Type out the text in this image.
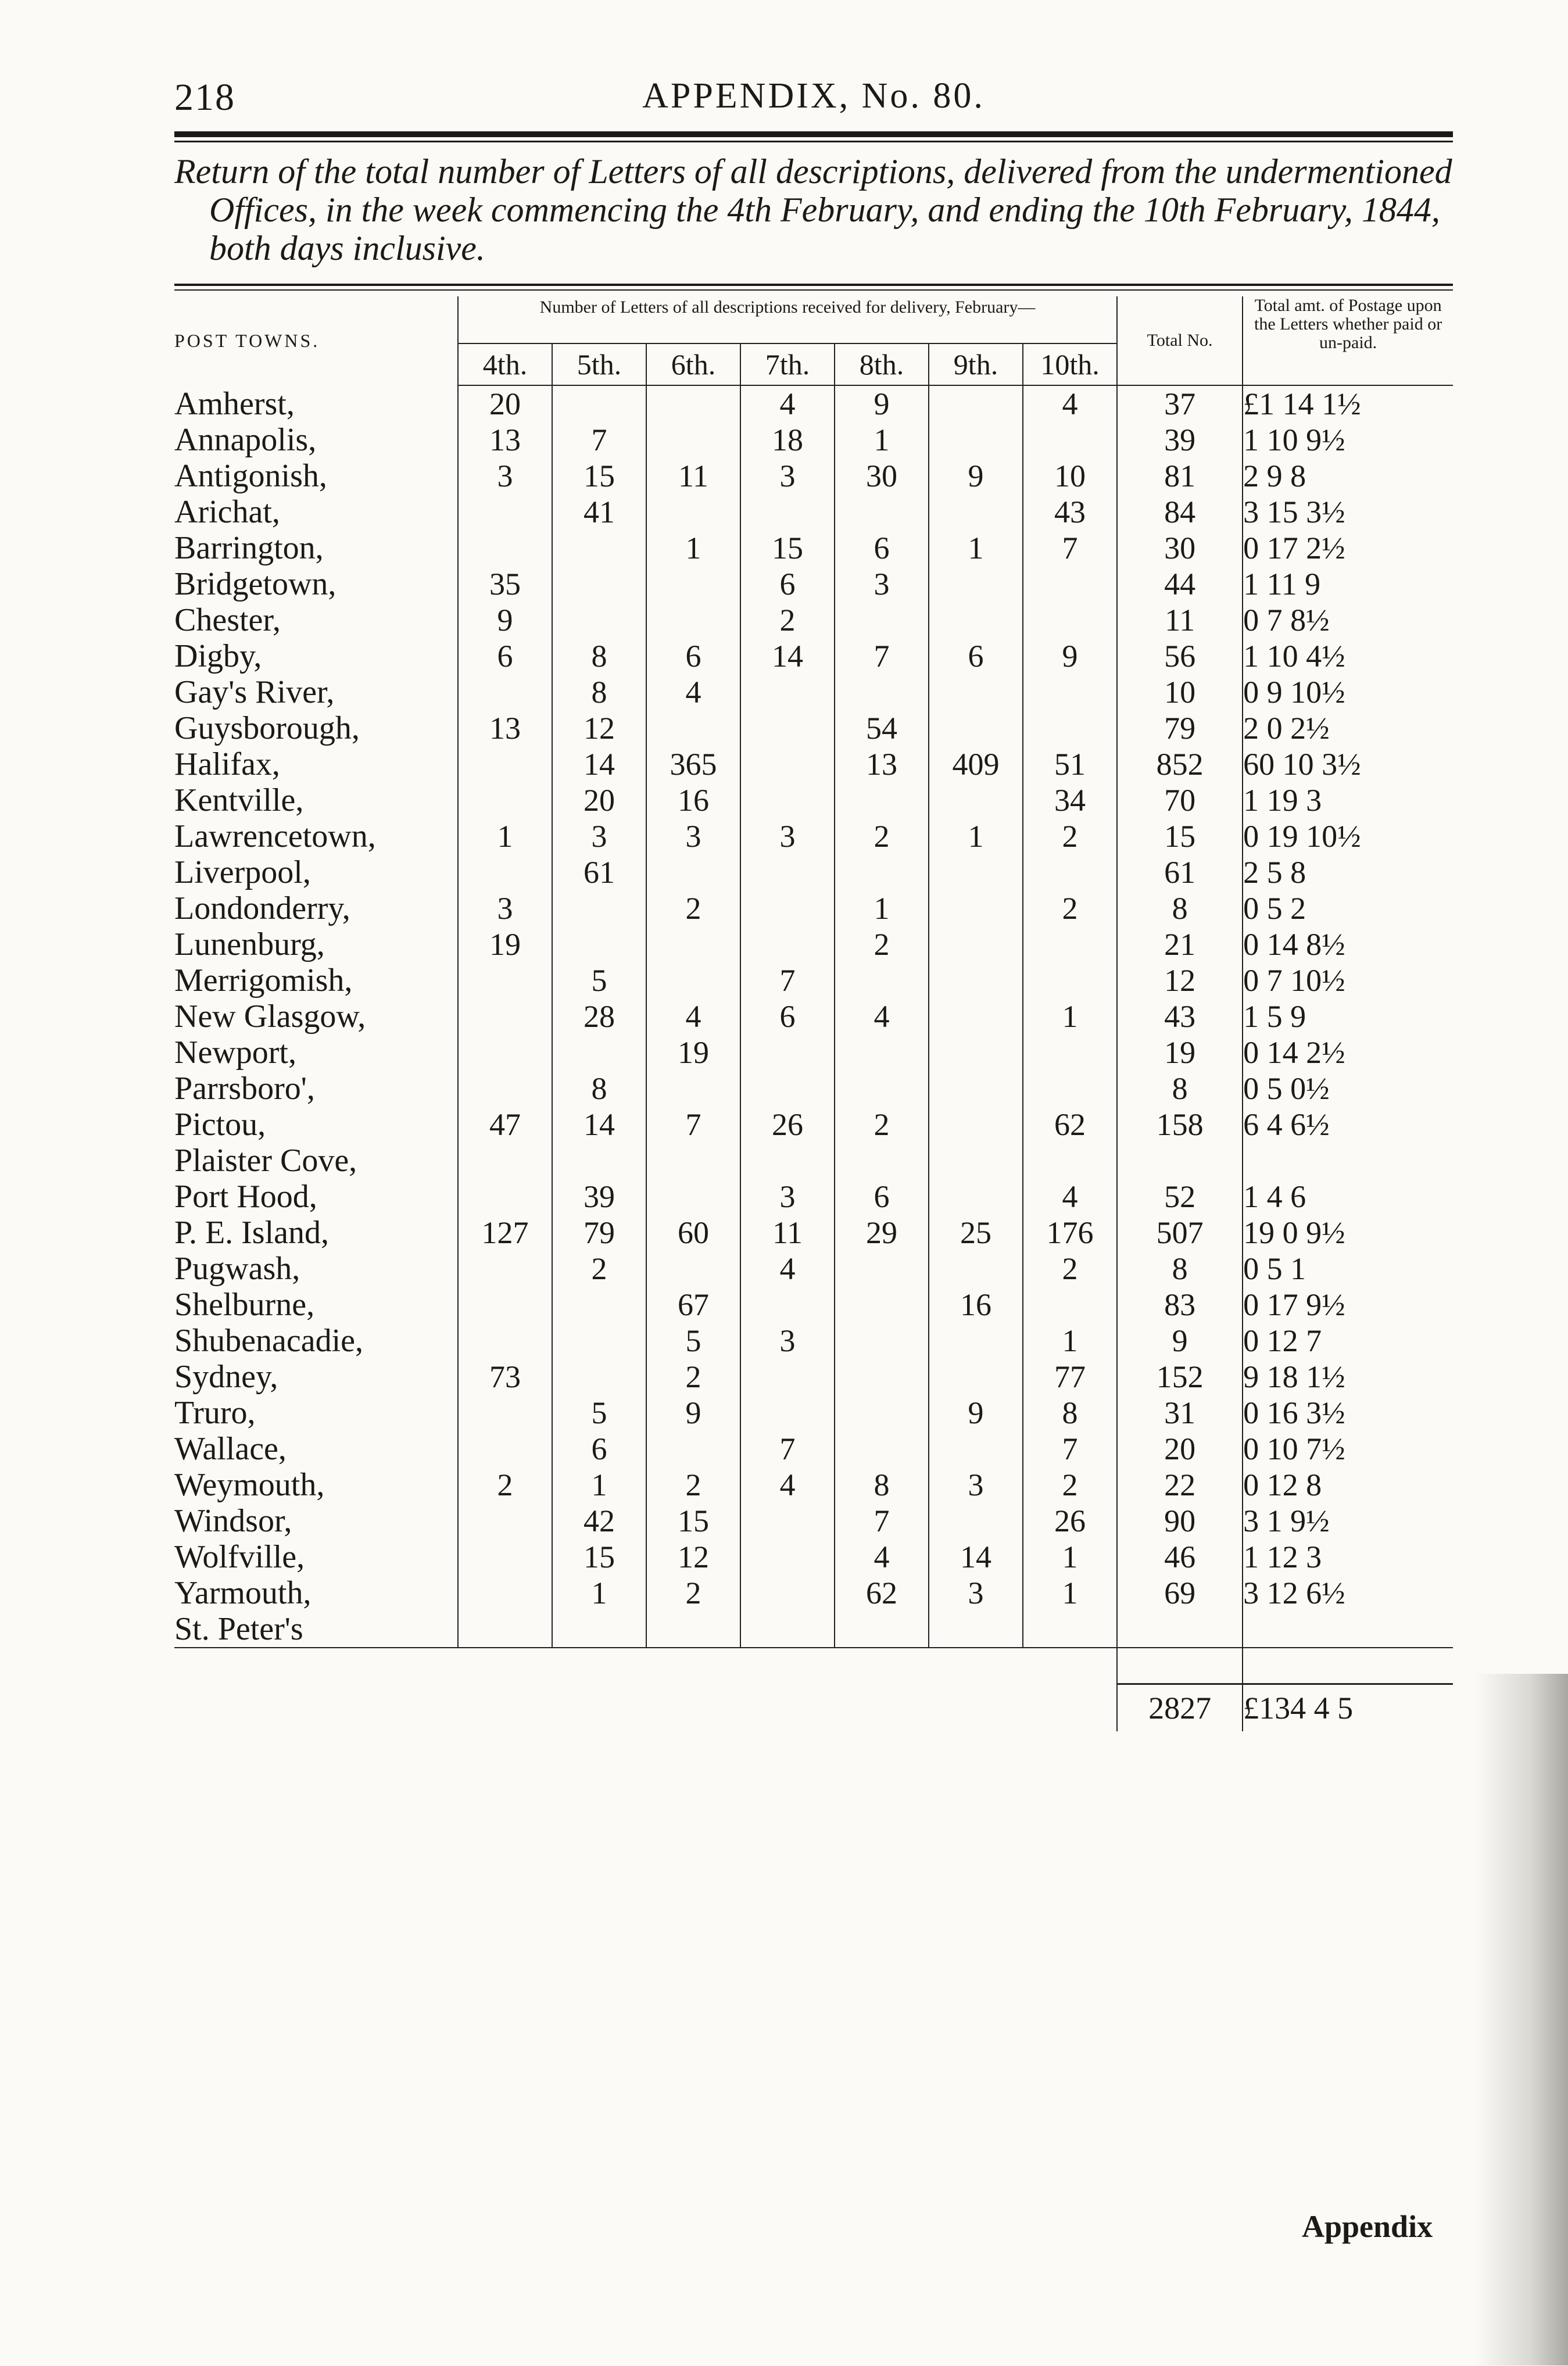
218	APPENDIX, No. 80.
Return of the total number of Letters of all descriptions, delivered from the undermentioned
Offices, in the week commencing the 4th February, and ending the 10th February, 1844,
both days inclusive.
POST TOWNS.	Number of Letters of all descriptions received for delivery, February—							Total No.	Total amt. of Postage upon the Letters whether paid or un-paid.
	4th.	5th.	6th.	7th.	8th.	9th.	10th.		
Amherst,	20			4	9		4	37	£1 14 1½
Annapolis,	13	7		18	1			39	1 10 9½
Antigonish,	3	15	11	3	30	9	10	81	2 9 8
Arichat,		41					43	84	3 15 3½
Barrington,			1	15	6	1	7	30	0 17 2½
Bridgetown,	35			6	3			44	1 11 9
Chester,	9			2				11	0 7 8½
Digby,	6	8	6	14	7	6	9	56	1 10 4½
Gay's River,		8	4					10	0 9 10½
Guysborough,	13	12			54			79	2 0 2½
Halifax,		14	365		13	409	51	852	60 10 3½
Kentville,		20	16				34	70	1 19 3
Lawrencetown,	1	3	3	3	2	1	2	15	0 19 10½
Liverpool,		61						61	2 5 8
Londonderry,	3		2		1		2	8	0 5 2
Lunenburg,	19				2			21	0 14 8½
Merrigomish,		5		7				12	0 7 10½
New Glasgow,		28	4	6	4		1	43	1 5 9
Newport,			19					19	0 14 2½
Parrsboro',		8						8	0 5 0½
Pictou,	47	14	7	26	2		62	158	6 4 6½
Plaister Cove,									
Port Hood,		39		3	6		4	52	1 4 6
P. E. Island,	127	79	60	11	29	25	176	507	19 0 9½
Pugwash,		2		4			2	8	0 5 1
Shelburne,			67			16		83	0 17 9½
Shubenacadie,			5	3			1	9	0 12 7
Sydney,	73		2				77	152	9 18 1½
Truro,		5	9			9	8	31	0 16 3½
Wallace,		6		7			7	20	0 10 7½
Weymouth,	2	1	2	4	8	3	2	22	0 12 8
Windsor,		42	15		7		26	90	3 1 9½
Wolfville,		15	12		4	14	1	46	1 12 3
Yarmouth,		1	2		62	3	1	69	3 12 6½
St. Peter's									

								2827	£134 4 5
Appendix
